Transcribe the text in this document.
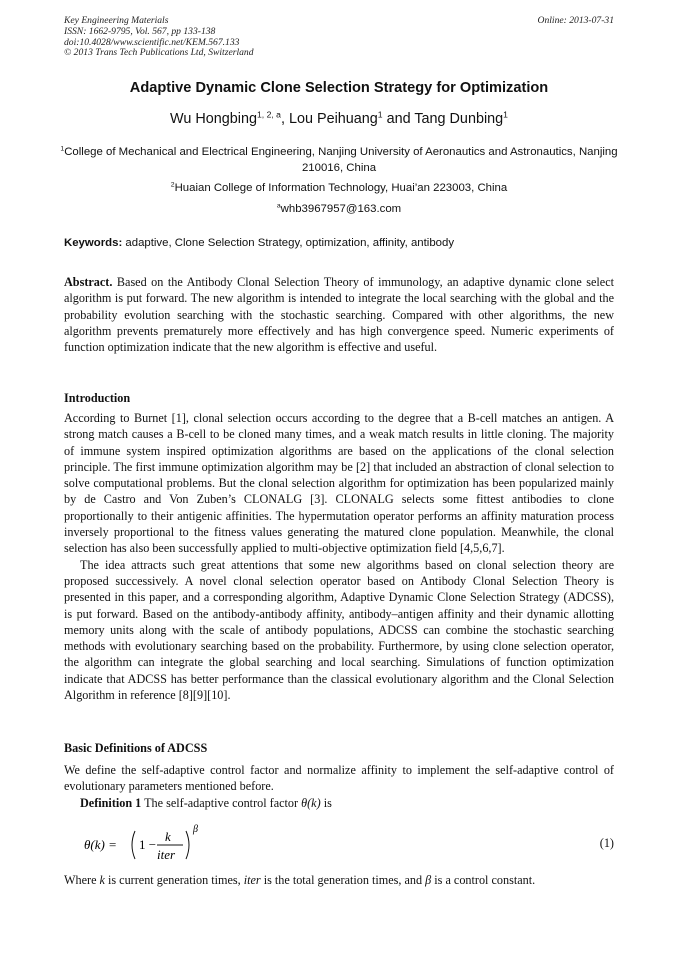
Key Engineering Materials
ISSN: 1662-9795, Vol. 567, pp 133-138
doi:10.4028/www.scientific.net/KEM.567.133
© 2013 Trans Tech Publications Ltd, Switzerland
Online: 2013-07-31
Adaptive Dynamic Clone Selection Strategy for Optimization
Wu Hongbing$^{1, 2, a}$, Lou Peihuang$^1$ and Tang Dunbing$^1$
$^1$College of Mechanical and Electrical Engineering, Nanjing University of Aeronautics and Astronautics, Nanjing 210016, China
$^2$Huaian College of Information Technology, Huai’an 223003, China
$^a$whb3967957@163.com
Keywords: adaptive, Clone Selection Strategy, optimization, affinity, antibody

Abstract. Based on the Antibody Clonal Selection Theory of immunology, an adaptive dynamic clone select algorithm is put forward. The new algorithm is intended to integrate the local searching with the global and the probability evolution searching with the stochastic searching. Compared with other algorithms, the new algorithm prevents prematurely more effectively and has high convergence speed. Numeric experiments of function optimization indicate that the new algorithm is effective and useful.

Introduction

According to Burnet [1], clonal selection occurs according to the degree that a B-cell matches an antigen. A strong match causes a B-cell to be cloned many times, and a weak match results in little cloning. The majority of immune system inspired optimization algorithms are based on the applications of the clonal selection principle. The first immune optimization algorithm may be [2] that included an abstraction of clonal selection to solve computational problems. But the clonal selection algorithm for optimization has been popularized mainly by de Castro and Von Zuben’s CLONALG [3]. CLONALG selects some fittest antibodies to clone proportionally to their antigenic affinities. The hypermutation operator performs an affinity maturation process inversely proportional to the fitness values generating the matured clone population. Meanwhile, the clonal selection has also been successfully applied to multi-objective optimization field [4,5,6,7].

The idea attracts such great attentions that some new algorithms based on clonal selection theory are proposed successively. A novel clonal selection operator based on Antibody Clonal Selection Theory is presented in this paper, and a corresponding algorithm, Adaptive Dynamic Clone Selection Strategy (ADCSS), is put forward. Based on the antibody-antibody affinity, antibody–antigen affinity and their dynamic allotting memory units along with the scale of antibody populations, ADCSS can combine the stochastic searching methods with evolutionary searching based on the probability. Furthermore, by using clone selection operator, the algorithm can integrate the global searching and local searching. Simulations of function optimization indicate that ADCSS has better performance than the classical evolutionary algorithm and the Clonal Selection Algorithm in reference [8][9][10].

Basic Definitions of ADCSS

We define the self-adaptive control factor and normalize affinity to implement the self-adaptive control of evolutionary parameters mentioned before.

Definition 1 The self-adaptive control factor θ(k) is

θ(k) = 1 −
k
iter
β
(1)

Where k is current generation times, iter is the total generation times, and β is a control constant.
